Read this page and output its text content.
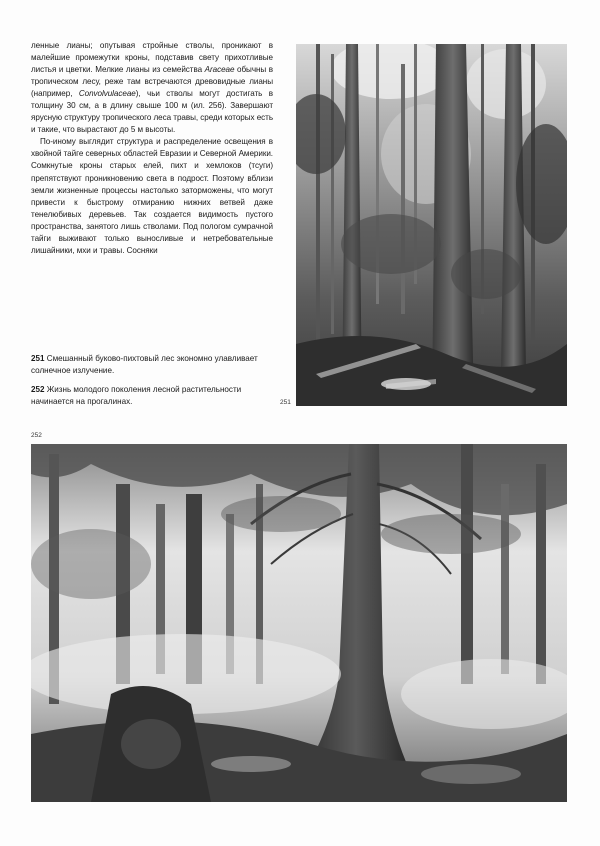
ленные лианы; опутывая стройные стволы, проникают в малейшие промежутки кроны, подставив свету прихотливые листья и цветки. Мелкие лианы из семейства Araceae обычны в тропическом лесу, реже там встречаются древовидные лианы (например, Convolvulaceae), чьи стволы могут достигать в толщину 30 см, а в длину свыше 100 м (ил. 256). Завершают ярусную структуру тропического леса травы, среди которых есть и такие, что вырастают до 5 м высоты.

По-иному выглядит структура и распределение освещения в хвойной тайге северных областей Евразии и Северной Америки. Сомкнутые кроны старых елей, пихт и хемлоков (тсуги) препятствуют проникновению света в подрост. Поэтому вблизи земли жизненные процессы настолько заторможены, что могут привести к быстрому отмиранию нижних ветвей даже тенелюбивых деревьев. Так создается видимость пустого пространства, занятого лишь стволами. Под пологом сумрачной тайги выживают только выносливые и нетребовательные лишайники, мхи и травы. Сосняки

251 Смешанный буково-пихтовый лес экономно улавливает солнечное излучение.
252 Жизнь молодого поколения лесной растительности начинается на прогалинах.	251
252
